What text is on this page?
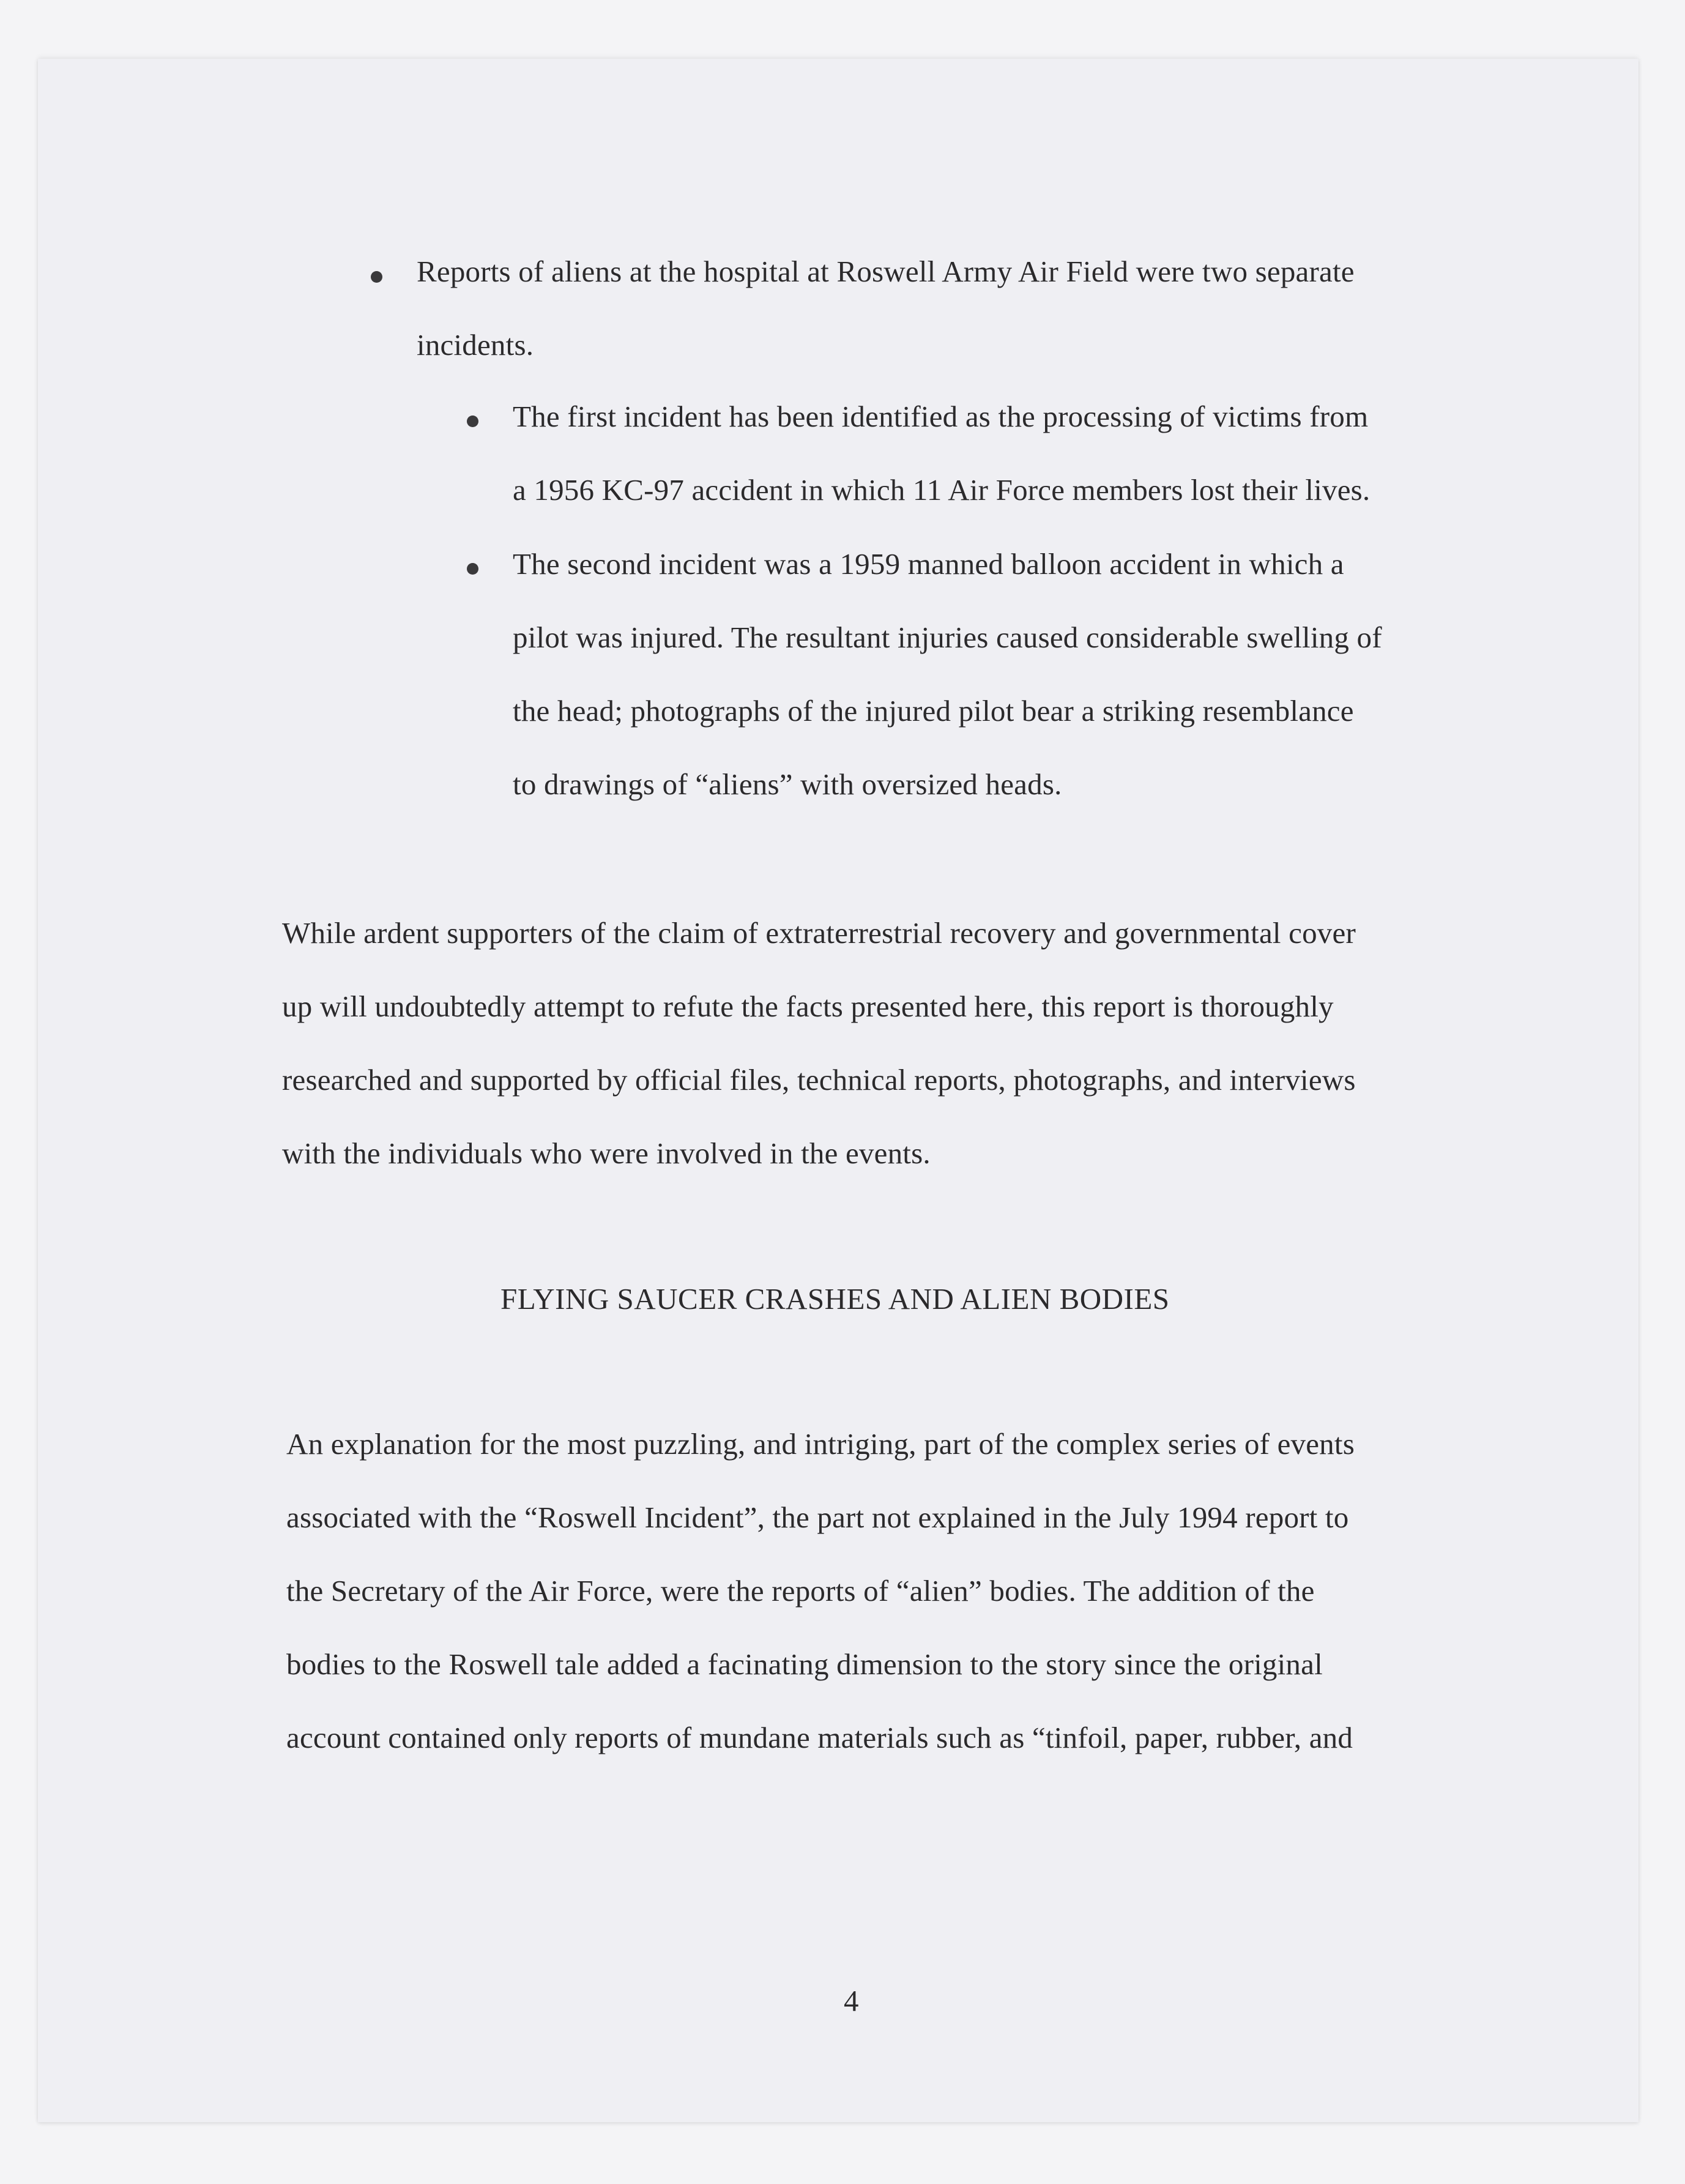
Reports of aliens at the hospital at Roswell Army Air Field were two separate
incidents.
The first incident has been identified as the processing of victims from
a 1956 KC-97 accident in which 11 Air Force members lost their lives.
The second incident was a 1959 manned balloon accident in which a
pilot was injured. The resultant injuries caused considerable swelling of
the head; photographs of the injured pilot bear a striking resemblance
to drawings of “aliens” with oversized heads.
While ardent supporters of the claim of extraterrestrial recovery and governmental cover
up will undoubtedly attempt to refute the facts presented here, this report is thoroughly
researched and supported by official files, technical reports, photographs, and interviews
with the individuals who were involved in the events.
FLYING SAUCER CRASHES AND ALIEN BODIES
An explanation for the most puzzling, and intriging, part of the complex series of events
associated with the “Roswell Incident”, the part not explained in the July 1994 report to
the Secretary of the Air Force, were the reports of “alien” bodies. The addition of the
bodies to the Roswell tale added a facinating dimension to the story since the original
account contained only reports of mundane materials such as “tinfoil, paper, rubber, and
4
